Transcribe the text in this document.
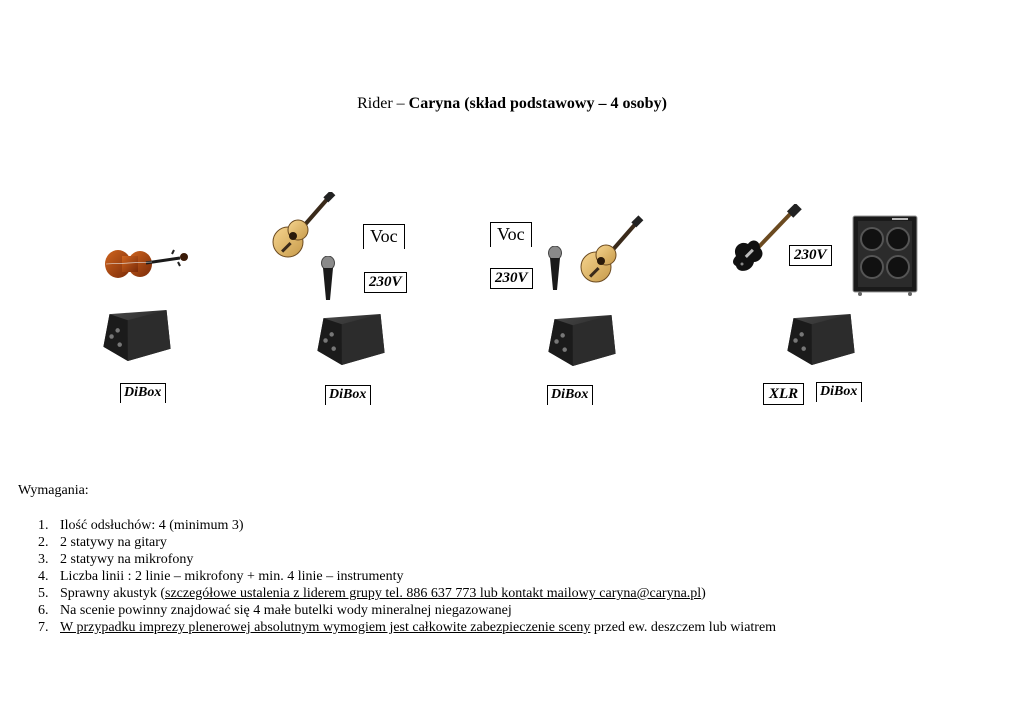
Rider – Caryna (skład podstawowy – 4 osoby)
DiBox
Voc
230V
DiBox
Voc
230V
DiBox
230V
XLR	DiBox
Wymagania:
1. Ilość odsłuchów: 4 (minimum 3)
2. 2 statywy na gitary
3. 2 statywy na mikrofony
4. Liczba linii : 2 linie – mikrofony + min. 4 linie – instrumenty
5. Sprawny akustyk (szczegółowe ustalenia z liderem grupy tel. 886 637 773 lub kontakt mailowy caryna@caryna.pl)
6. Na scenie powinny znajdować się 4 małe butelki wody mineralnej niegazowanej
7. W przypadku imprezy plenerowej absolutnym wymogiem jest całkowite zabezpieczenie sceny przed ew. deszczem lub wiatrem
